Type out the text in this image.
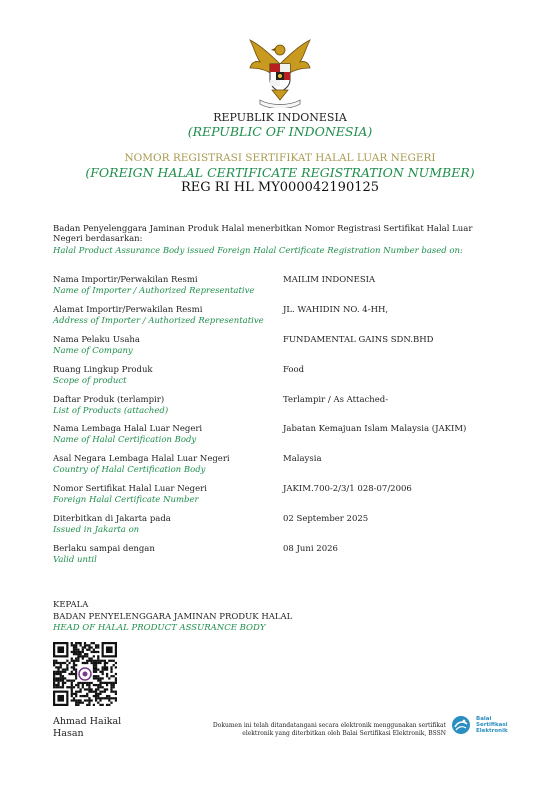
REPUBLIK INDONESIA
(REPUBLIC OF INDONESIA)
NOMOR REGISTRASI SERTIFIKAT HALAL LUAR NEGERI
(FOREIGN HALAL CERTIFICATE REGISTRATION NUMBER)
REG RI HL MY000042190125
Badan Penyelenggara Jaminan Produk Halal menerbitkan Nomor Registrasi Sertifikat Halal Luar Negeri berdasarkan:
Halal Product Assurance Body issued Foreign Halal Certificate Registration Number based on:
Nama Importir/Perwakilan Resmi
Name of Importer / Authorized Representative
MAILIM INDONESIA
Alamat Importir/Perwakilan Resmi
Address of Importer / Authorized Representative
JL. WAHIDIN NO. 4-HH,
Nama Pelaku Usaha
Name of Company
FUNDAMENTAL GAINS SDN.BHD
Ruang Lingkup Produk
Scope of product
Food
Daftar Produk (terlampir)
List of Products (attached)
Terlampir / As Attached-
Nama Lembaga Halal Luar Negeri
Name of Halal Certification Body
Jabatan Kemajuan Islam Malaysia (JAKIM)
Asal Negara Lembaga Halal Luar Negeri
Country of Halal Certification Body
Malaysia
Nomor Sertifikat Halal Luar Negeri
Foreign Halal Certificate Number
JAKIM.700-2/3/1 028-07/2006
Diterbitkan di Jakarta pada
Issued in Jakarta on
02 September 2025
Berlaku sampai dengan
Valid until
08 Juni 2026
KEPALA
BADAN PENYELENGGARA JAMINAN PRODUK HALAL
HEAD OF HALAL PRODUCT ASSURANCE BODY
Ahmad Haikal Hasan
Dokumen ini telah ditandatangani secara elektronik menggunakan sertifikat elektronik yang diterbitkan oleh Balai Sertifikasi Elektronik, BSSN
Balai Sertifikasi Elektronik
